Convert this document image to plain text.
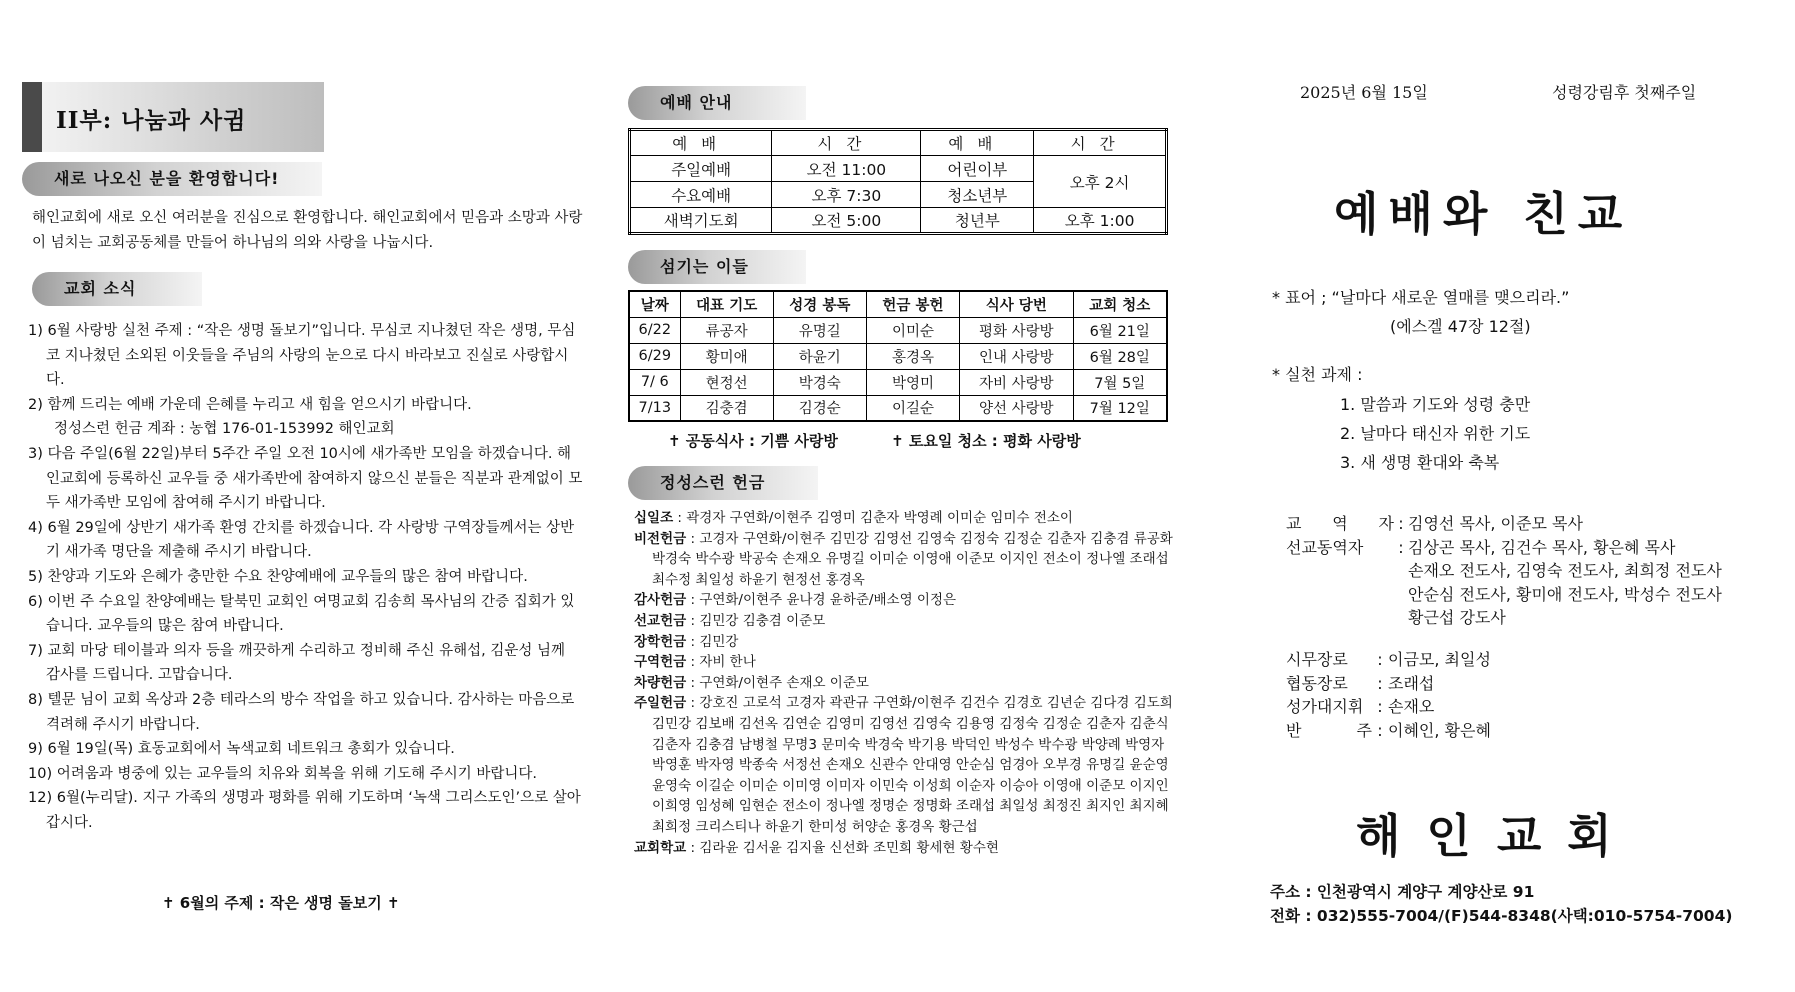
II부: 나눔과 사귐
새로 나오신 분을 환영합니다!
해인교회에 새로 오신 여러분을 진심으로 환영합니다. 해인교회에서 믿음과 소망과 사랑이 넘치는 교회공동체를 만들어 하나님의 의와 사랑을 나눕시다.
교회 소식
1) 6월 사랑방 실천 주제 : “작은 생명 돌보기”입니다. 무심코 지나쳤던 작은 생명, 무심코 지나쳤던 소외된 이웃들을 주님의 사랑의 눈으로 다시 바라보고 진실로 사랑합시다.
2) 함께 드리는 예배 가운데 은혜를 누리고 새 힘을 얻으시기 바랍니다.
정성스런 헌금 계좌 : 농협 176-01-153992 해인교회
3) 다음 주일(6월 22일)부터 5주간 주일 오전 10시에 새가족반 모임을 하겠습니다. 해인교회에 등록하신 교우들 중 새가족반에 참여하지 않으신 분들은 직분과 관계없이 모두 새가족반 모임에 참여해 주시기 바랍니다.
4) 6월 29일에 상반기 새가족 환영 간치를 하겠습니다. 각 사랑방 구역장들께서는 상반기 새가족 명단을 제출해 주시기 바랍니다.
5) 찬양과 기도와 은혜가 충만한 수요 찬양예배에 교우들의 많은 참여 바랍니다.
6) 이번 주 수요일 찬양예배는 탈북민 교회인 여명교회 김송희 목사님의 간증 집회가 있습니다. 교우들의 많은 참여 바랍니다.
7) 교회 마당 테이블과 의자 등을 깨끗하게 수리하고 정비해 주신 유해섭, 김운성 님께 감사를 드립니다. 고맙습니다.
8) 텔문 님이 교회 옥상과 2층 테라스의 방수 작업을 하고 있습니다. 감사하는 마음으로 격려해 주시기 바랍니다.
9) 6월 19일(목) 효동교회에서 녹색교회 네트워크 총회가 있습니다.
10) 어려움과 병중에 있는 교우들의 치유와 회복을 위해 기도해 주시기 바랍니다.
12) 6월(누리달). 지구 가족의 생명과 평화를 위해 기도하며 ‘녹색 그리스도인’으로 살아갑시다.
✝ 6월의 주제 : 작은 생명 돌보기 ✝
예배 안내
예배	시간	예배	시간
주일예배	오전 11:00	어린이부	오후 2시
수요예배	오후 7:30	청소년부	
새벽기도회	오전 5:00	청년부	오후 1:00
섬기는 이들
날짜	대표 기도	성경 봉독	헌금 봉헌	식사 당번	교회 청소
6/22	류공자	유명길	이미순	평화 사랑방	6월 21일
6/29	황미애	하윤기	홍경옥	인내 사랑방	6월 28일
7/ 6	현정선	박경숙	박영미	자비 사랑방	7월 5일
7/13	김충겸	김경순	이길순	양선 사랑방	7월 12일
✝ 공동식사 : 기쁨 사랑방	✝ 토요일 청소 : 평화 사랑방
정성스런 헌금
십일조 : 곽경자 구연화/이현주 김영미 김춘자 박영례 이미순 임미수 전소이
비전헌금 : 고경자 구연화/이현주 김민강 김영선 김영숙 김정숙 김정순 김춘자 김충겸 류공화 박경숙 박수광 박공숙 손재오 유명길 이미순 이영애 이준모 이지인 전소이 정나엘 조래섭 최수정 최일성 하윤기 현정선 홍경옥
감사헌금 : 구연화/이현주 윤나경 윤하준/배소영 이정은
선교헌금 : 김민강 김충겸 이준모
장학헌금 : 김민강
구역헌금 : 자비 한나
차량헌금 : 구연화/이현주 손재오 이준모
주일헌금 : 강호진 고로석 고경자 곽관규 구연화/이현주 김건수 김경호 김년순 김다경 김도희 김민강 김보배 김선옥 김연순 김영미 김영선 김영숙 김용영 김정숙 김정순 김춘자 김춘식 김춘자 김충겸 남병철 무명3 문미숙 박경숙 박기용 박덕인 박성수 박수광 박양례 박영자 박영훈 박자영 박종숙 서정선 손재오 신관수 안대영 안순심 엄경아 오부경 유명길 윤순영 윤영숙 이길순 이미순 이미영 이미자 이민숙 이성희 이순자 이승아 이영애 이준모 이지인 이희영 임성혜 임현순 전소이 정나엘 정명순 정명화 조래섭 최일성 최정진 최지인 최지혜 최희정 크리스티나 하윤기 한미성 허양순 홍경옥 황근섭
교회학교 : 김라윤 김서윤 김지율 신선화 조민희 황세현 황수현
2025년 6월 15일	성령강림후 첫째주일
예배와 친교
* 표어 ; “날마다 새로운 열매를 맺으리라.”
(에스겔 47장 12절)
* 실천 과제 :
1. 말씀과 기도와 성령 충만
2. 날마다 태신자 위한 기도
3. 새 생명 환대와 축복
교 역 자 : 김영선 목사, 이준모 목사
선교동역자	: 김상곤 목사, 김건수 목사, 황은혜 목사
손재오 전도사, 김영숙 전도사, 최희정 전도사
안순심 전도사, 황미애 전도사, 박성수 전도사
황근섭 강도사
시무장로	: 이금모, 최일성
협동장로	: 조래섭
성가대지휘 : 손재오
반 주 : 이혜인, 황은혜
해인교회
주소 : 인천광역시 계양구 계양산로 91
전화 : 032)555-7004/(F)544-8348(사택:010-5754-7004)
